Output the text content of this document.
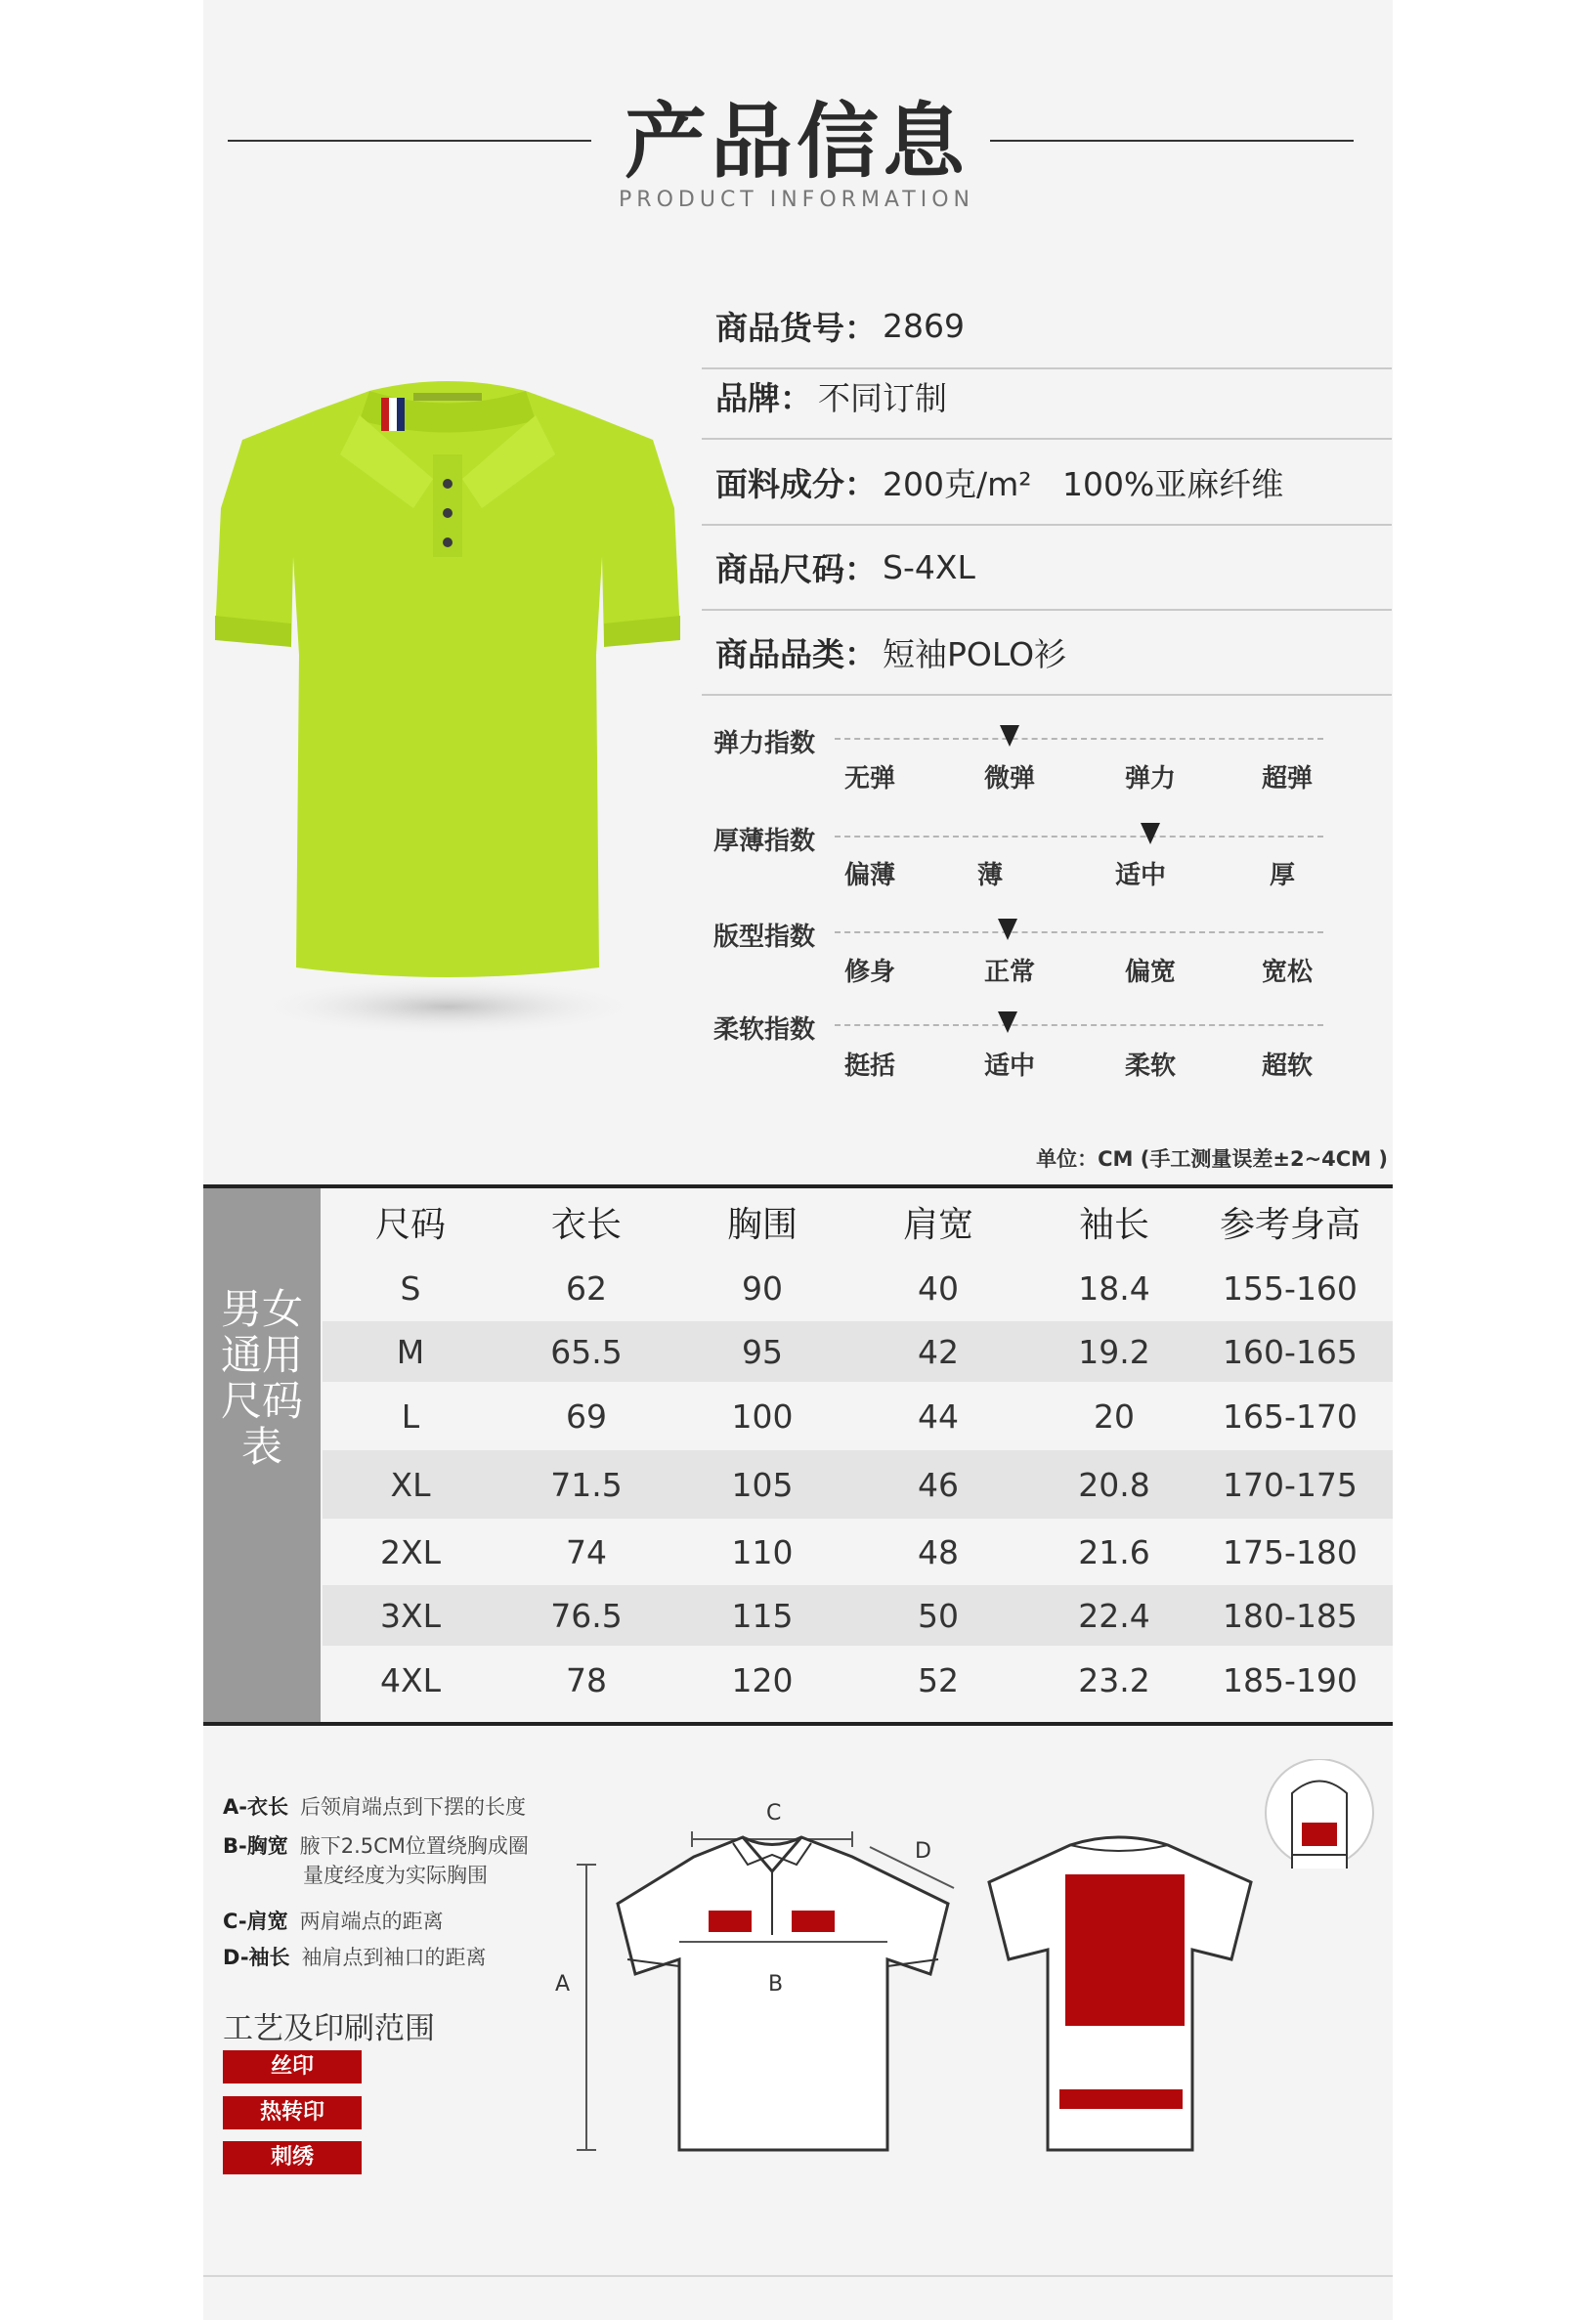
产品信息
PRODUCT INFORMATION
商品货号： 2869
品牌： 不同订制
面料成分： 200克/m²   100%亚麻纤维
商品尺码： S-4XL
商品品类： 短袖POLO衫
弹力指数
无弹	微弹	弹力	超弹
厚薄指数
偏薄	薄	适中	厚
版型指数
修身	正常	偏宽	宽松
柔软指数
挺括	适中	柔软	超软
单位：CM (手工测量误差±2~4CM )
男女通用尺码表
尺码	衣长	胸围	肩宽	袖长	参考身高
S	62	90	40	18.4	155-160
M	65.5	95	42	19.2	160-165
L	69	100	44	20	165-170
XL	71.5	105	46	20.8	170-175
2XL	74	110	48	21.6	175-180
3XL	76.5	115	50	22.4	180-185
4XL	78	120	52	23.2	185-190
A-衣长 后领肩端点到下摆的长度
B-胸宽 腋下2.5CM位置绕胸成圈
量度经度为实际胸围
C-肩宽 两肩端点的距离
D-袖长 袖肩点到袖口的距离
工艺及印刷范围
丝印
热转印
刺绣
A	B
C
D
